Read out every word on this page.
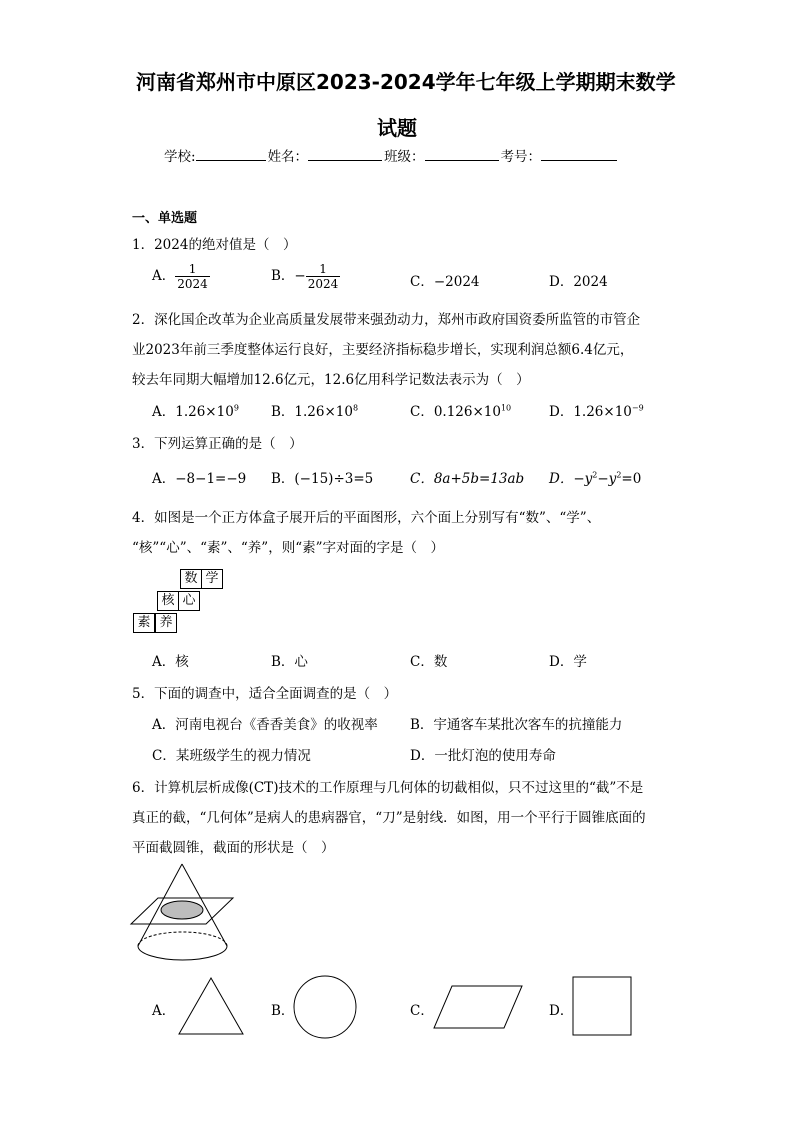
河南省郑州市中原区2023-2024学年七年级上学期期末数学
试题
学校:	姓名：	班级：	考号：
一、单选题
1．2024的绝对值是（　）
A． $\frac{1}{2024}$	B．− $\frac{1}{2024}$	C．−2024	D．2024
2．深化国企改革为企业高质量发展带来强劲动力，郑州市政府国资委所监管的市管企
业2023年前三季度整体运行良好，主要经济指标稳步增长，实现利润总额6.4亿元，
较去年同期大幅增加12.6亿元，12.6亿用科学记数法表示为（　）
A．$1.26\times 10^9$ B．$1.26\times 10^8$	C．$0.126\times 10^{10}$	D．$1.26\times 10^{-9}$
3．下列运算正确的是（　）
A．−8−1=−9 B．(−15)÷3=5	C．8a+5b=13ab D．$-y^2-y^2=0$
4．如图是一个正方体盒子展开后的平面图形，六个面上分别写有“数”、“学”、
“核”“心”、“素”、“养”，则“素”字对面的字是（　）
数 学
核 心
素 养
A．核	B．心	C．数	D．学
5．下面的调查中，适合全面调查的是（　）
A．河南电视台《香香美食》的收视率 B．宇通客车某批次客车的抗撞能力
C．某班级学生的视力情况	D．一批灯泡的使用寿命
6．计算机层析成像(CT)技术的工作原理与几何体的切截相似，只不过这里的“截”不是
真正的截，“几何体”是病人的患病器官，“刀”是射线．如图，用一个平行于圆锥底面的
平面截圆锥，截面的形状是（　）
A．	B．	C．	D．
